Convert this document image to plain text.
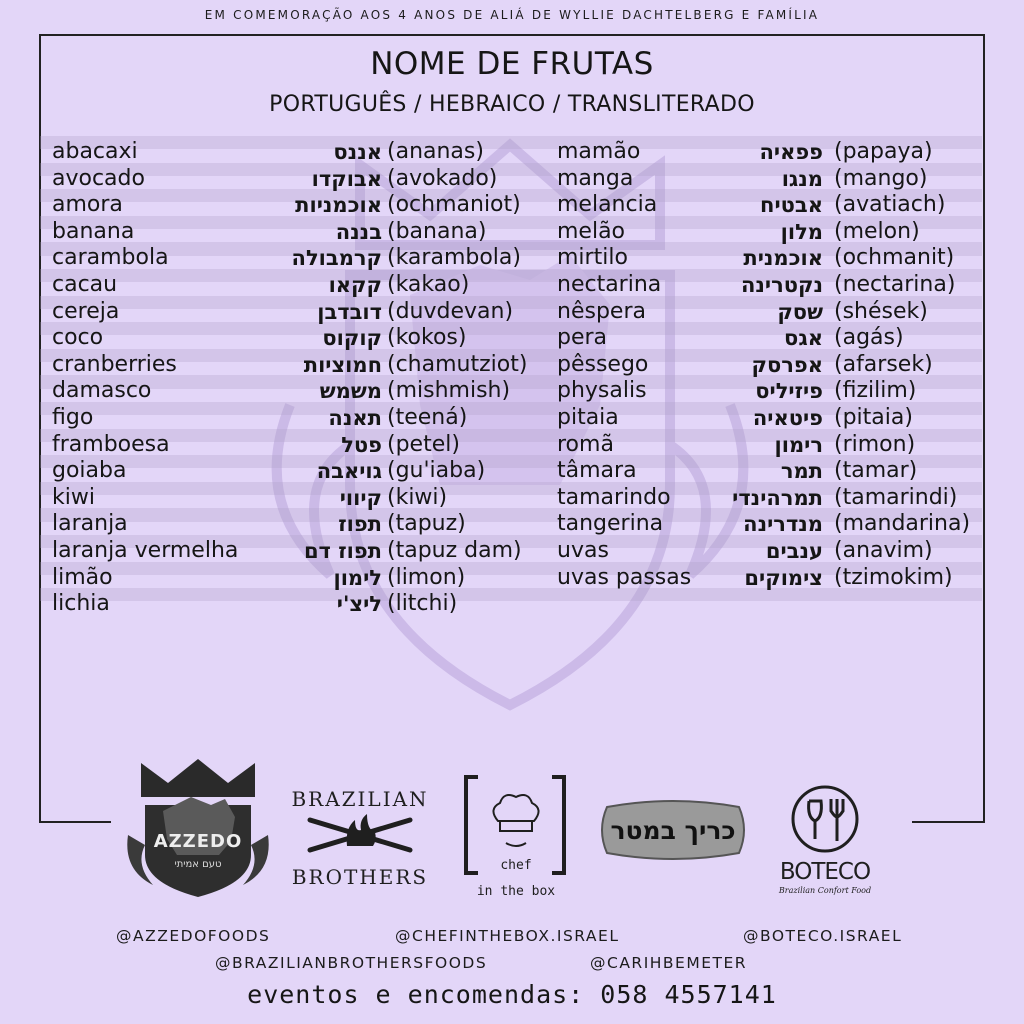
EM COMEMORAÇÃO AOS 4 ANOS DE ALIÁ DE WYLLIE DACHTELBERG E FAMÍLIA
NOME DE FRUTAS
PORTUGUÊS / HEBRAICO / TRANSLITERADO
abacaxi	אננס (ananas)
avocado	אבוקדו (avokado)
amora	אוכמניות (ochmaniot)
banana	בננה (banana)
carambola	קרמבולה (karambola)
cacau	קקאו (kakao)
cereja	דובדבן (duvdevan)
coco	קוקוס (kokos)
cranberries	חמוציות (chamutziot)
damasco	משמש (mishmish)
figo	תאנה (teená)
framboesa	פטל (petel)
goiaba	גויאבה (gu'iaba)
kiwi	קיווי (kiwi)
laranja	תפוז (tapuz)
laranja vermelha	תפוז דם (tapuz dam)
limão	לימון (limon)
lichia	ליצ'י (litchi)
mamão	פפאיה (papaya)
manga	מנגו (mango)
melancia	אבטיח (avatiach)
melão	מלון (melon)
mirtilo	אוכמנית (ochmanit)
nectarina	נקטרינה (nectarina)
nêspera	שסק (shések)
pera	אגס (agás)
pêssego	אפרסק (afarsek)
physalis	פיזיליס (fizilim)
pitaia	פיטאיה (pitaia)
romã	רימון (rimon)
tâmara	תמר (tamar)
tamarindo	תמרהינדי (tamarindi)
tangerina	מנדרינה (mandarina)
uvas	ענבים (anavim)
uvas passas	צימוקים (tzimokim)
AZZEDO
טעם אמיתי
BRAZILIAN
BROTHERS	chef
in the box
כריך במטר
BOTECO
Brazilian Confort Food
@AZZEDOFOODS	@CHEFINTHEBOX.ISRAEL	@BOTECO.ISRAEL
@BRAZILIANBROTHERSFOODS	@CARIHBEMETER
eventos e encomendas: 058 4557141
